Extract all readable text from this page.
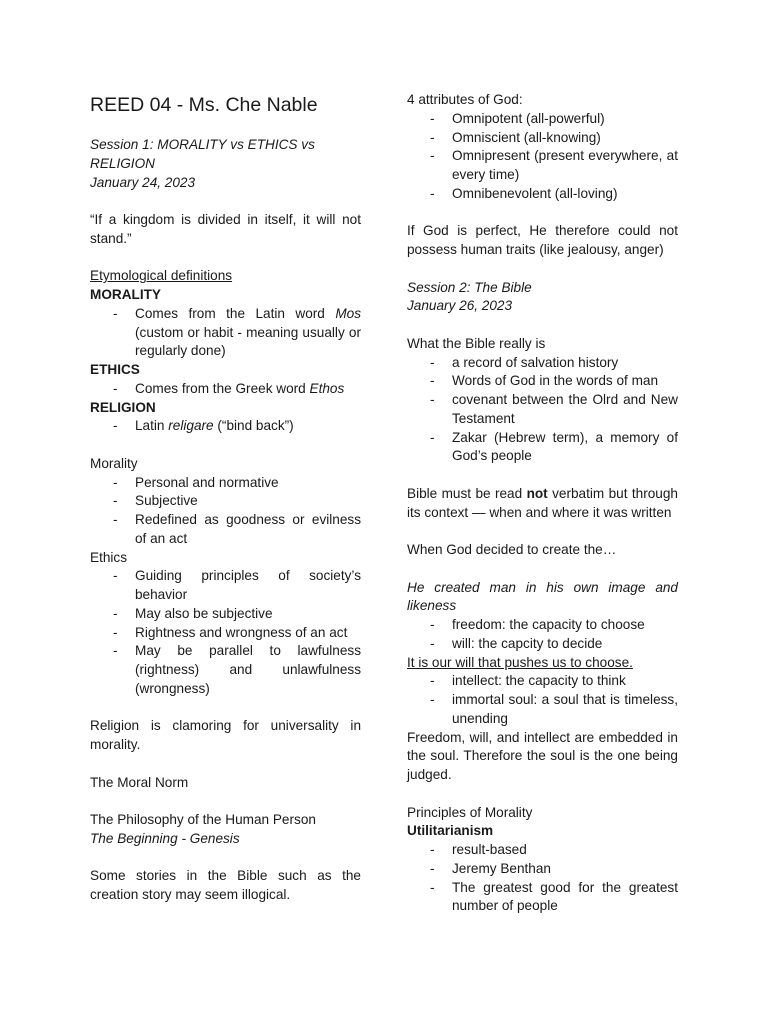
REED 04 - Ms. Che Nable
Session 1: MORALITY vs ETHICS vs RELIGION
January 24, 2023
“If a kingdom is divided in itself, it will not stand.”
Etymological definitions
MORALITY
- Comes from the Latin word Mos (custom or habit - meaning usually or regularly done)
ETHICS
- Comes from the Greek word Ethos
RELIGION
- Latin religare (“bind back”)
Morality
- Personal and normative
- Subjective
- Redefined as goodness or evilness of an act
Ethics
- Guiding principles of society’s behavior
- May also be subjective
- Rightness and wrongness of an act
- May be parallel to lawfulness (rightness) and unlawfulness (wrongness)
Religion is clamoring for universality in morality.
The Moral Norm
The Philosophy of the Human Person
The Beginning - Genesis
Some stories in the Bible such as the creation story may seem illogical.
4 attributes of God:
- Omnipotent (all-powerful)
- Omniscient (all-knowing)
- Omnipresent (present everywhere, at every time)
- Omnibenevolent (all-loving)
If God is perfect, He therefore could not possess human traits (like jealousy, anger)
Session 2: The Bible
January 26, 2023
What the Bible really is
- a record of salvation history
- Words of God in the words of man
- covenant between the Olrd and New Testament
- Zakar (Hebrew term), a memory of God’s people
Bible must be read not verbatim but through its context — when and where it was written
When God decided to create the…
He created man in his own image and likeness
- freedom: the capacity to choose
- will: the capcity to decide
It is our will that pushes us to choose.
- intellect: the capacity to think
- immortal soul: a soul that is timeless, unending
Freedom, will, and intellect are embedded in the soul. Therefore the soul is the one being judged.
Principles of Morality
Utilitarianism
- result-based
- Jeremy Benthan
- The greatest good for the greatest number of people
